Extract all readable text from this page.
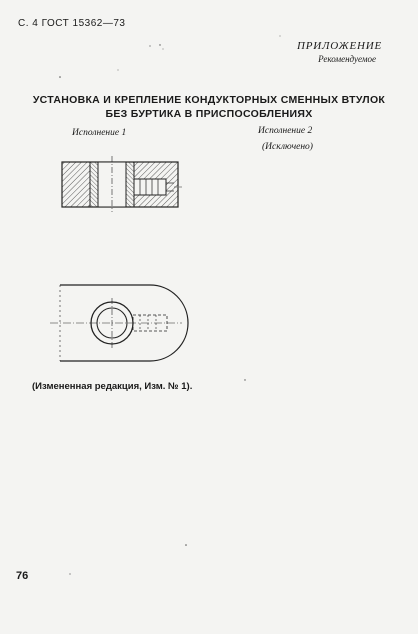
С. 4 ГОСТ 15362—73
ПРИЛОЖЕНИЕ
Рекомендуемое
УСТАНОВКА И КРЕПЛЕНИЕ КОНДУКТОРНЫХ СМЕННЫХ ВТУЛОК
БЕЗ БУРТИКА В ПРИСПОСОБЛЕНИЯХ
Исполнение 1	Исполнение 2
(Исключено)
(Измененная редакция, Изм. № 1).
76
